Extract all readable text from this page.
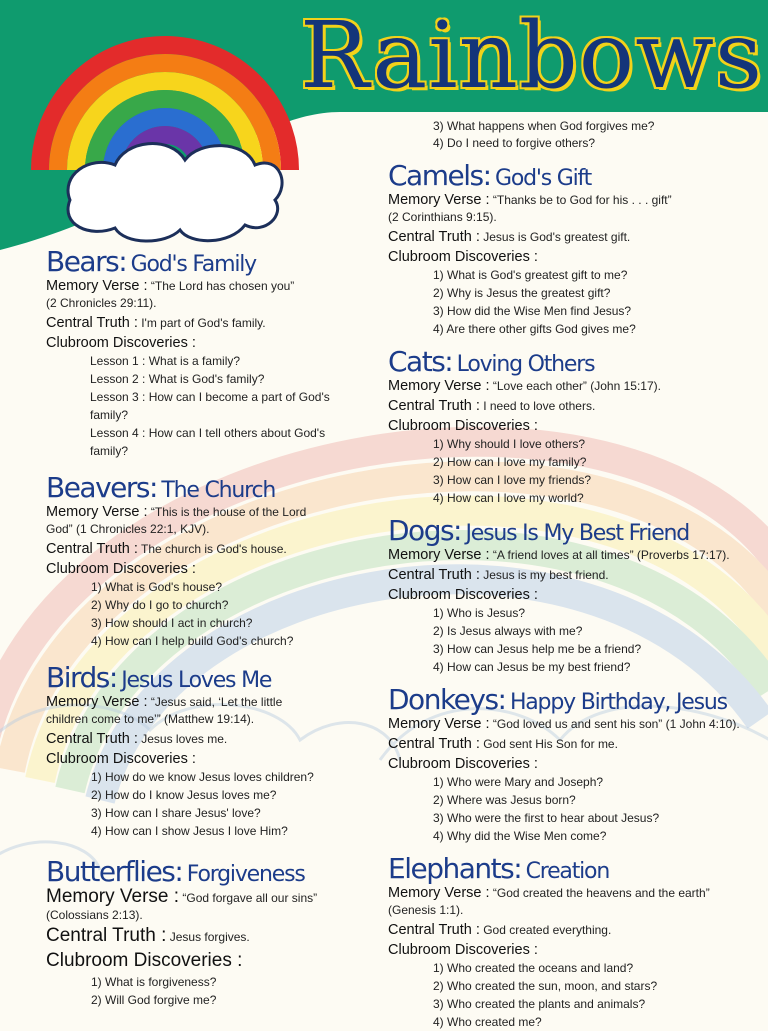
Rainbows
Bears: God's Family
Memory Verse : “The Lord has chosen you”
(2 Chronicles 29:11).
Central Truth : I'm part of God's family.
Clubroom Discoveries :
Lesson 1 : What is a family?
Lesson 2 : What is God's family?
Lesson 3 : How can I become a part of God's
family?
Lesson 4 : How can I tell others about God's
family?
Beavers: The Church
Memory Verse : “This is the house of the Lord
God” (1 Chronicles 22:1, KJV).
Central Truth : The church is God's house.
Clubroom Discoveries :
1) What is God's house?
2) Why do I go to church?
3) How should I act in church?
4) How can I help build God's church?
Birds: Jesus Loves Me
Memory Verse : “Jesus said, ‘Let the little
children come to me’” (Matthew 19:14).
Central Truth : Jesus loves me.
Clubroom Discoveries :
1) How do we know Jesus loves children?
2) How do I know Jesus loves me?
3) How can I share Jesus' love?
4) How can I show Jesus I love Him?
Butterflies: Forgiveness
Memory Verse : “God forgave all our sins”
(Colossians 2:13).
Central Truth : Jesus forgives.
Clubroom Discoveries :
1) What is forgiveness?
2) Will God forgive me?
3) What happens when God forgives me?
4) Do I need to forgive others?
Camels: God's Gift
Memory Verse : “Thanks be to God for his . . . gift”
(2 Corinthians 9:15).
Central Truth : Jesus is God's greatest gift.
Clubroom Discoveries :
1) What is God's greatest gift to me?
2) Why is Jesus the greatest gift?
3) How did the Wise Men find Jesus?
4) Are there other gifts God gives me?
Cats: Loving Others
Memory Verse : “Love each other” (John 15:17).
Central Truth : I need to love others.
Clubroom Discoveries :
1) Why should I love others?
2) How can I love my family?
3) How can I love my friends?
4) How can I love my world?
Dogs: Jesus Is My Best Friend
Memory Verse : “A friend loves at all times” (Proverbs 17:17).
Central Truth : Jesus is my best friend.
Clubroom Discoveries :
1) Who is Jesus?
2) Is Jesus always with me?
3) How can Jesus help me be a friend?
4) How can Jesus be my best friend?
Donkeys: Happy Birthday, Jesus
Memory Verse : “God loved us and sent his son” (1 John 4:10).
Central Truth : God sent His Son for me.
Clubroom Discoveries :
1) Who were Mary and Joseph?
2) Where was Jesus born?
3) Who were the first to hear about Jesus?
4) Why did the Wise Men come?
Elephants: Creation
Memory Verse : “God created the heavens and the earth”
(Genesis 1:1).
Central Truth : God created everything.
Clubroom Discoveries :
1) Who created the oceans and land?
2) Who created the sun, moon, and stars?
3) Who created the plants and animals?
4) Who created me?
